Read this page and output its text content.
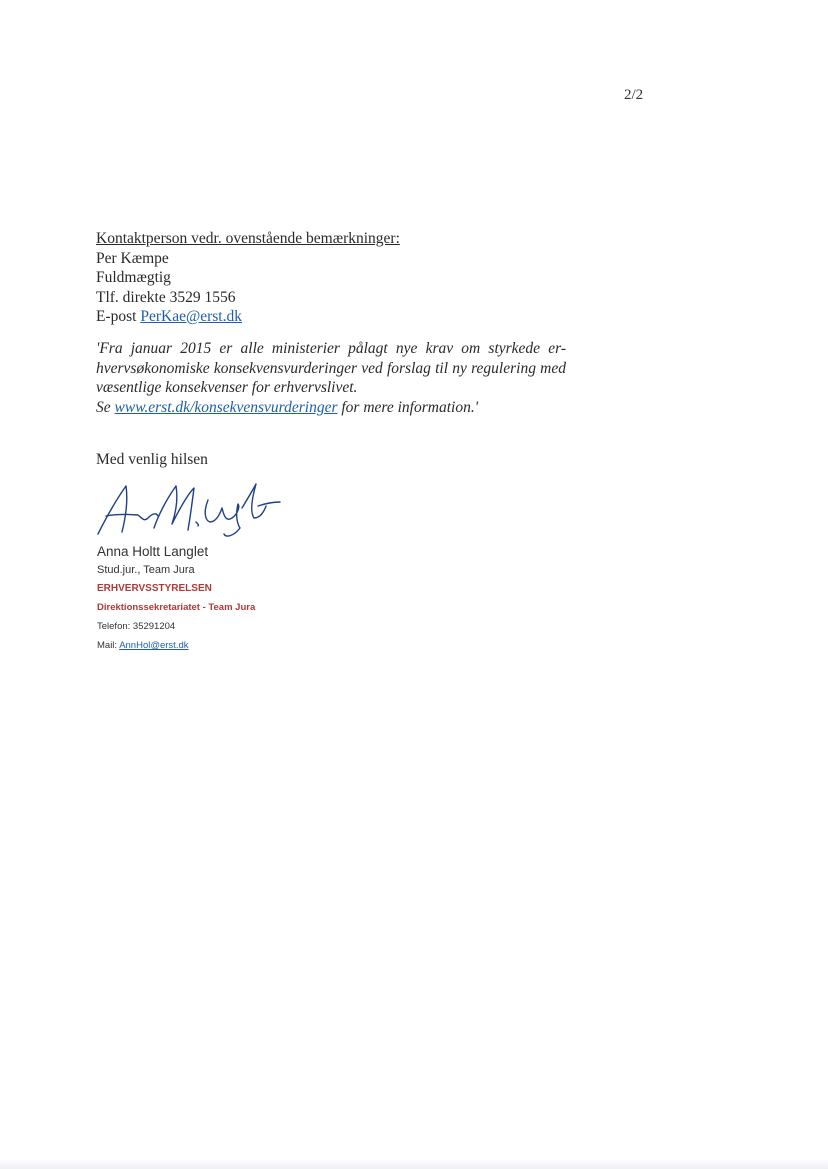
2/2
Kontaktperson vedr. ovenstående bemærkninger:
Per Kæmpe
Fuldmægtig
Tlf. direkte 3529 1556
E-post PerKae@erst.dk
'Fra januar 2015 er alle ministerier pålagt nye krav om styrkede er- hvervsøkonomiske konsekvensvurderinger ved forslag til ny regulering med væsentlige konsekvenser for erhvervslivet.
Se www.erst.dk/konsekvensvurderinger for mere information.'
Med venlig hilsen
Anna Holtt Langlet
Stud.jur., Team Jura
ERHVERVSSTYRELSEN
Direktionssekretariatet - Team Jura
Telefon: 35291204
Mail: AnnHol@erst.dk
